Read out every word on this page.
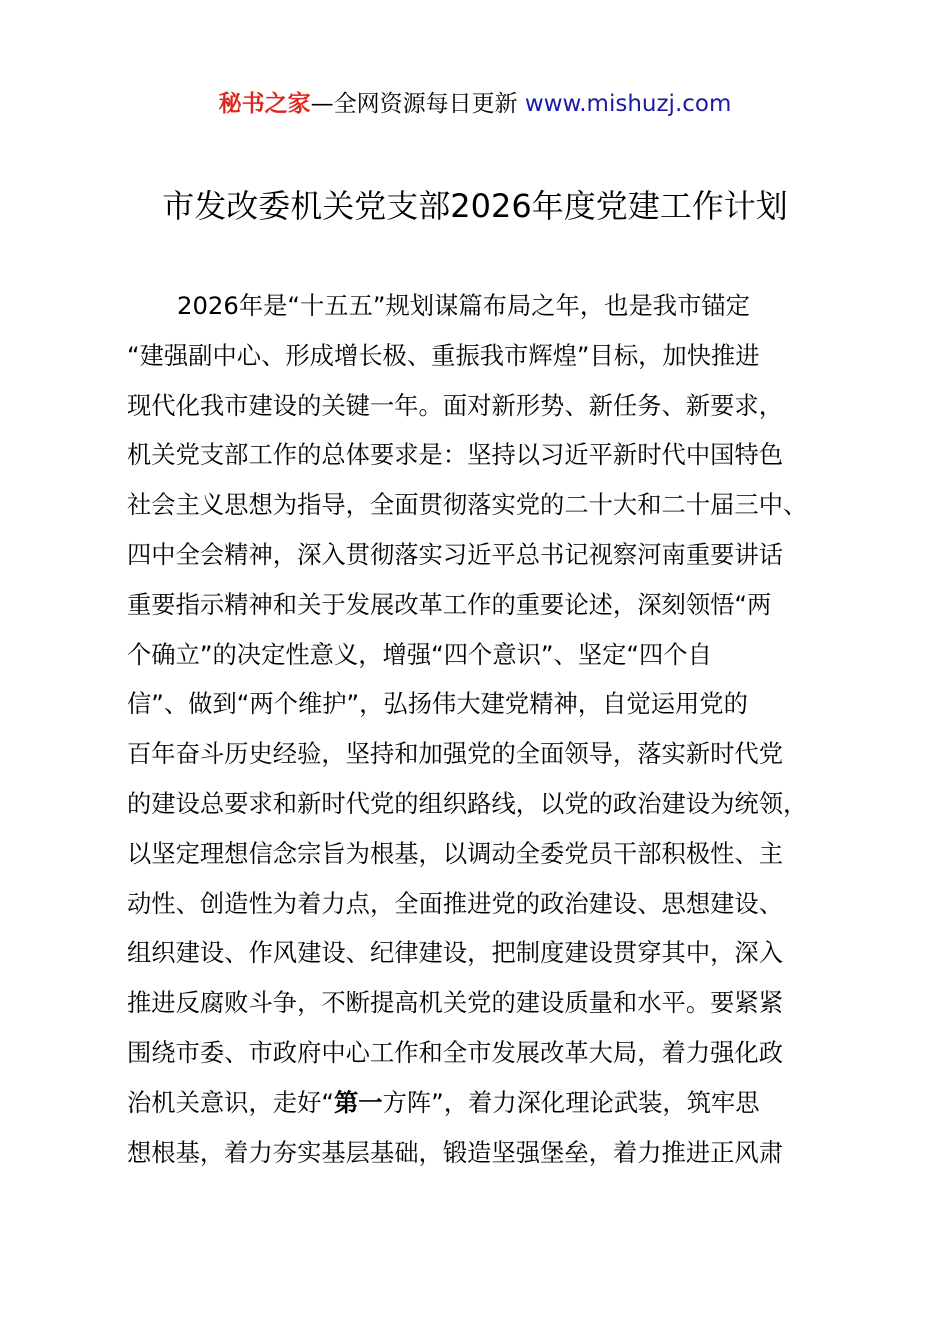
秘书之家—全网资源每日更新 www.mishuzj.com
市发改委机关党支部2026年度党建工作计划
2026年是“十五五”规划谋篇布局之年，也是我市锚定
“建强副中心、形成增长极、重振我市辉煌”目标，加快推进
现代化我市建设的关键一年。面对新形势、新任务、新要求，
机关党支部工作的总体要求是：坚持以习近平新时代中国特色
社会主义思想为指导，全面贯彻落实党的二十大和二十届三中、
四中全会精神，深入贯彻落实习近平总书记视察河南重要讲话
重要指示精神和关于发展改革工作的重要论述，深刻领悟“两
个确立”的决定性意义，增强“四个意识”、坚定“四个自
信”、做到“两个维护”，弘扬伟大建党精神，自觉运用党的
百年奋斗历史经验，坚持和加强党的全面领导，落实新时代党
的建设总要求和新时代党的组织路线，以党的政治建设为统领，
以坚定理想信念宗旨为根基，以调动全委党员干部积极性、主
动性、创造性为着力点，全面推进党的政治建设、思想建设、
组织建设、作风建设、纪律建设，把制度建设贯穿其中，深入
推进反腐败斗争，不断提高机关党的建设质量和水平。要紧紧
围绕市委、市政府中心工作和全市发展改革大局，着力强化政
治机关意识，走好“第一方阵”，着力深化理论武装，筑牢思
想根基，着力夯实基层基础，锻造坚强堡垒，着力推进正风肃
